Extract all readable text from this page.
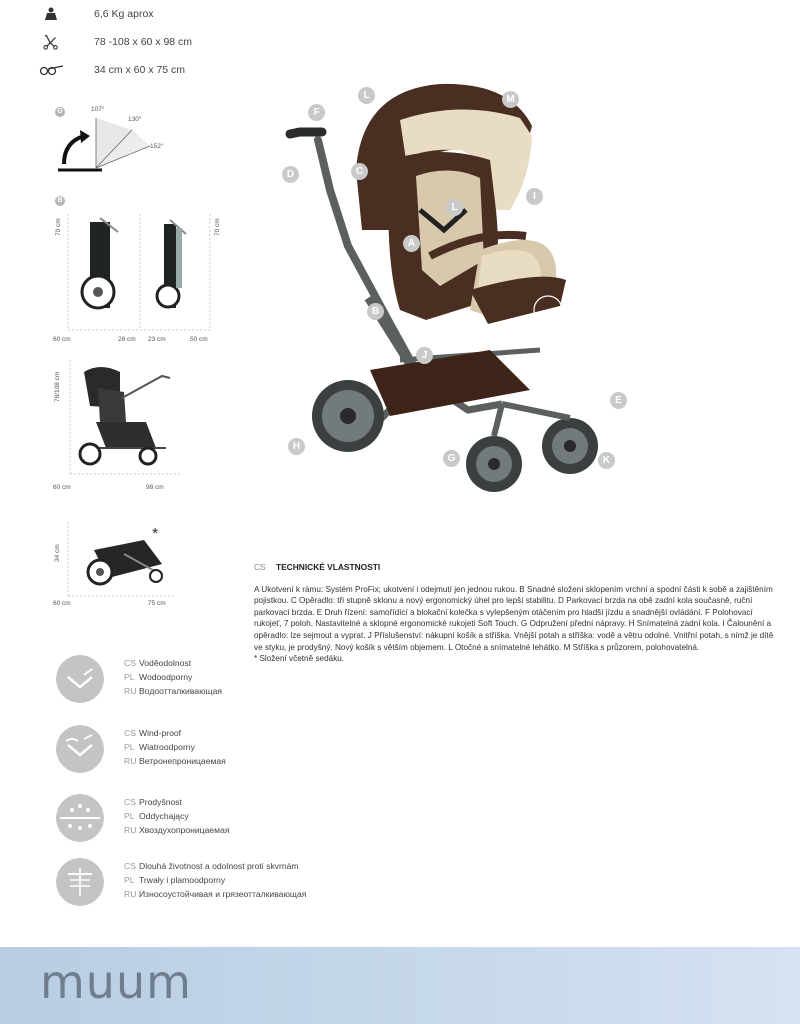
6,6 Kg aprox
78 -108 x 60 x 98 cm
34 cm x 60 x 75 cm
G	107°
130°
152°
B
70 cm	70 cm
60 cm	28 cm 23 cm	50 cm
78/108 cm
60 cm	98 cm
*
34 cm
60 cm	75 cm
F
L	M
D	C
L
I
A
B
J
E
H
G	K
CS TECHNICKÉ VLASTNOSTI
A Ukotvení k rámu: Systém ProFix; ukotvení i odejmutí jen jednou rukou. B Snadné složení sklopením vrchní a spodní části k sobě a zajištěním pojistkou. C Opěradlo: tři stupně sklonu a nový ergonomický úhel pro lepší stabilitu. D Parkovací brzda na obě zadní kola současně, ruční parkovací brzda. E Druh řízení: samořídící a blokační kolečka s vylepšeným otáčením pro hladší jízdu a snadnější ovládání. F Polohovací rukojeť, 7 poloh. Nastavitelné a sklopné ergonomické rukojeti Soft Touch. G Odpružení přední nápravy. H Snímatelná zadní kola. I Čalounění a opěradlo: lze sejmout a vyprat. J Příslušenství: nákupní košík a stříška. Vnější potah a stříška: vodě a větru odolné. Vnitřní potah, s nímž je dítě ve styku, je prodyšný. Nový košík s větším objemem. L Otočné a snímatelné lehátko. M Stříška s průzorem, polohovatelná.
* Složení včetně sedáku.
CS Voděodolnost
PL Wodoodporny
RU Водоотталкивающая
CS Wind-proof
PL Wiatroodporny
RU Ветронепроницаемая
CS Prodyšnost
PL Oddychający
RU Хвоздухопроницаемая
CS Dlouhá životnost a odolnost proti skvrnám
PL Trwały i plamoodporny
RU Износоустойчивая и грязеотталкивающая
muum
